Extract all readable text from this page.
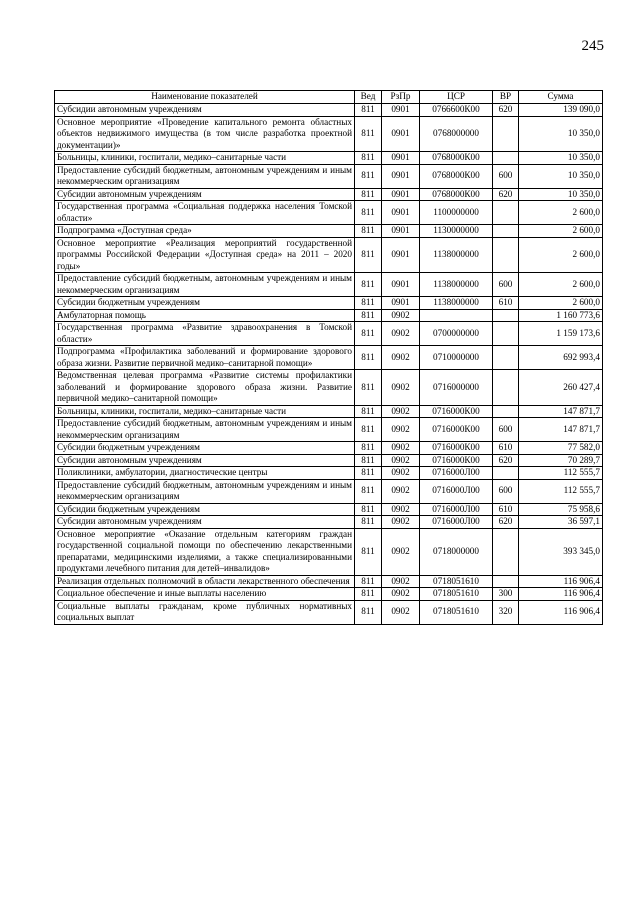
245
Наименование показателей	Вед	РзПр	ЦСР	ВР	Сумма
Субсидии автономным учреждениям	811	0901	0766600К00	620	139 090,0
Основное мероприятие «Проведение капитального ремонта областных объектов недвижимого имущества (в том числе разработка проектной документации)»	811	0901	0768000000		10 350,0
Больницы, клиники, госпитали, медико–санитарные части	811	0901	0768000К00		10 350,0
Предоставление субсидий бюджетным, автономным учреждениям и иным некоммерческим организациям	811	0901	0768000К00	600	10 350,0
Субсидии автономным учреждениям	811	0901	0768000К00	620	10 350,0
Государственная программа «Социальная поддержка населения Томской области»	811	0901	1100000000		2 600,0
Подпрограмма «Доступная среда»	811	0901	1130000000		2 600,0
Основное мероприятие «Реализация мероприятий государственной программы Российской Федерации «Доступная среда» на 2011 – 2020 годы»	811	0901	1138000000		2 600,0
Предоставление субсидий бюджетным, автономным учреждениям и иным некоммерческим организациям	811	0901	1138000000	600	2 600,0
Субсидии бюджетным учреждениям	811	0901	1138000000	610	2 600,0
Амбулаторная помощь	811	0902			1 160 773,6
Государственная программа «Развитие здравоохранения в Томской области»	811	0902	0700000000		1 159 173,6
Подпрограмма «Профилактика заболеваний и формирование здорового образа жизни. Развитие первичной медико–санитарной помощи»	811	0902	0710000000		692 993,4
Ведомственная целевая программа «Развитие системы профилактики заболеваний и формирование здорового образа жизни. Развитие первичной медико–санитарной помощи»	811	0902	0716000000		260 427,4
Больницы, клиники, госпитали, медико–санитарные части	811	0902	0716000К00		147 871,7
Предоставление субсидий бюджетным, автономным учреждениям и иным некоммерческим организациям	811	0902	0716000К00	600	147 871,7
Субсидии бюджетным учреждениям	811	0902	0716000К00	610	77 582,0
Субсидии автономным учреждениям	811	0902	0716000К00	620	70 289,7
Поликлиники, амбулатории, диагностические центры	811	0902	0716000Л00		112 555,7
Предоставление субсидий бюджетным, автономным учреждениям и иным некоммерческим организациям	811	0902	0716000Л00	600	112 555,7
Субсидии бюджетным учреждениям	811	0902	0716000Л00	610	75 958,6
Субсидии автономным учреждениям	811	0902	0716000Л00	620	36 597,1
Основное мероприятие «Оказание отдельным категориям граждан государственной социальной помощи по обеспечению лекарственными препаратами, медицинскими изделиями, а также специализированными продуктами лечебного питания для детей–инвалидов»	811	0902	0718000000		393 345,0
Реализация отдельных полномочий в области лекарственного обеспечения	811	0902	0718051610		116 906,4
Социальное обеспечение и иные выплаты населению	811	0902	0718051610	300	116 906,4
Социальные выплаты гражданам, кроме публичных нормативных социальных выплат	811	0902	0718051610	320	116 906,4
